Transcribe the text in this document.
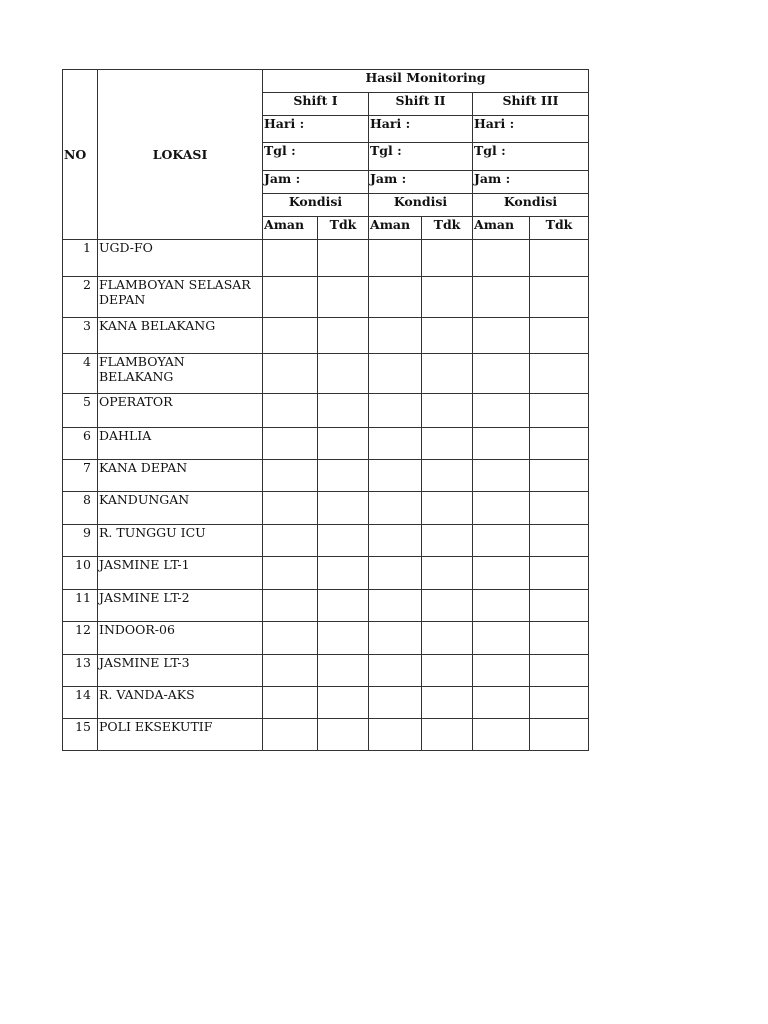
NO	LOKASI	Hasil Monitoring					
		Shift I		Shift II		Shift III	
		Hari :		Hari :		Hari :	
		Tgl :		Tgl :		Tgl :	
		Jam :		Jam :		Jam :	
		Kondisi		Kondisi		Kondisi	
		Aman	Tdk	Aman	Tdk	Aman	Tdk
1	UGD-FO						
2	FLAMBOYAN SELASAR DEPAN						
3	KANA BELAKANG						
4	FLAMBOYAN BELAKANG						
5	OPERATOR						
6	DAHLIA						
7	KANA DEPAN						
8	KANDUNGAN						
9	R. TUNGGU ICU						
10	JASMINE LT-1						
11	JASMINE LT-2						
12	INDOOR-06						
13	JASMINE LT-3						
14	R. VANDA-AKS						
15	POLI EKSEKUTIF						
